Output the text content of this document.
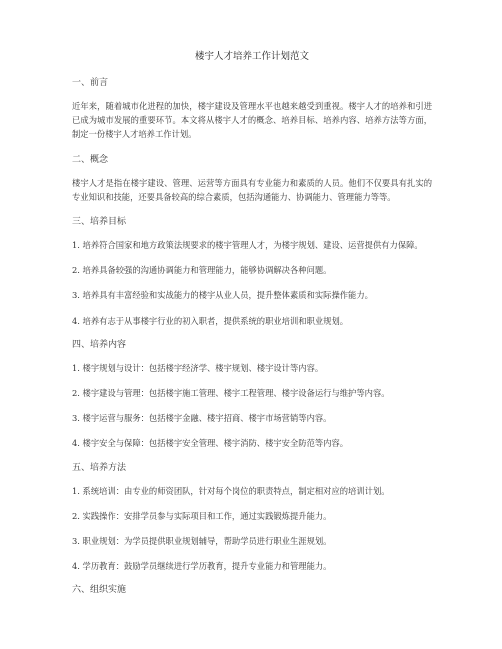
楼宇人才培养工作计划范文
一、前言
近年来，随着城市化进程的加快，楼宇建设及管理水平也越来越受到重视。楼宇人才的培养和引进已成为城市发展的重要环节。本文将从楼宇人才的概念、培养目标、培养内容、培养方法等方面，制定一份楼宇人才培养工作计划。
二、概念
楼宇人才是指在楼宇建设、管理、运营等方面具有专业能力和素质的人员。他们不仅要具有扎实的专业知识和技能，还要具备较高的综合素质，包括沟通能力、协调能力、管理能力等等。
三、培养目标
1. 培养符合国家和地方政策法规要求的楼宇管理人才，为楼宇规划、建设、运营提供有力保障。
2. 培养具备较强的沟通协调能力和管理能力，能够协调解决各种问题。
3. 培养具有丰富经验和实战能力的楼宇从业人员，提升整体素质和实际操作能力。
4. 培养有志于从事楼宇行业的初入职者，提供系统的职业培训和职业规划。
四、培养内容
1. 楼宇规划与设计：包括楼宇经济学、楼宇规划、楼宇设计等内容。
2. 楼宇建设与管理：包括楼宇施工管理、楼宇工程管理、楼宇设备运行与维护等内容。
3. 楼宇运营与服务：包括楼宇金融、楼宇招商、楼宇市场营销等内容。
4. 楼宇安全与保障：包括楼宇安全管理、楼宇消防、楼宇安全防范等内容。
五、培养方法
1. 系统培训：由专业的师资团队，针对每个岗位的职责特点，制定相对应的培训计划。
2. 实践操作：安排学员参与实际项目和工作，通过实践锻炼提升能力。
3. 职业规划：为学员提供职业规划辅导，帮助学员进行职业生涯规划。
4. 学历教育：鼓励学员继续进行学历教育，提升专业能力和管理能力。
六、组织实施
